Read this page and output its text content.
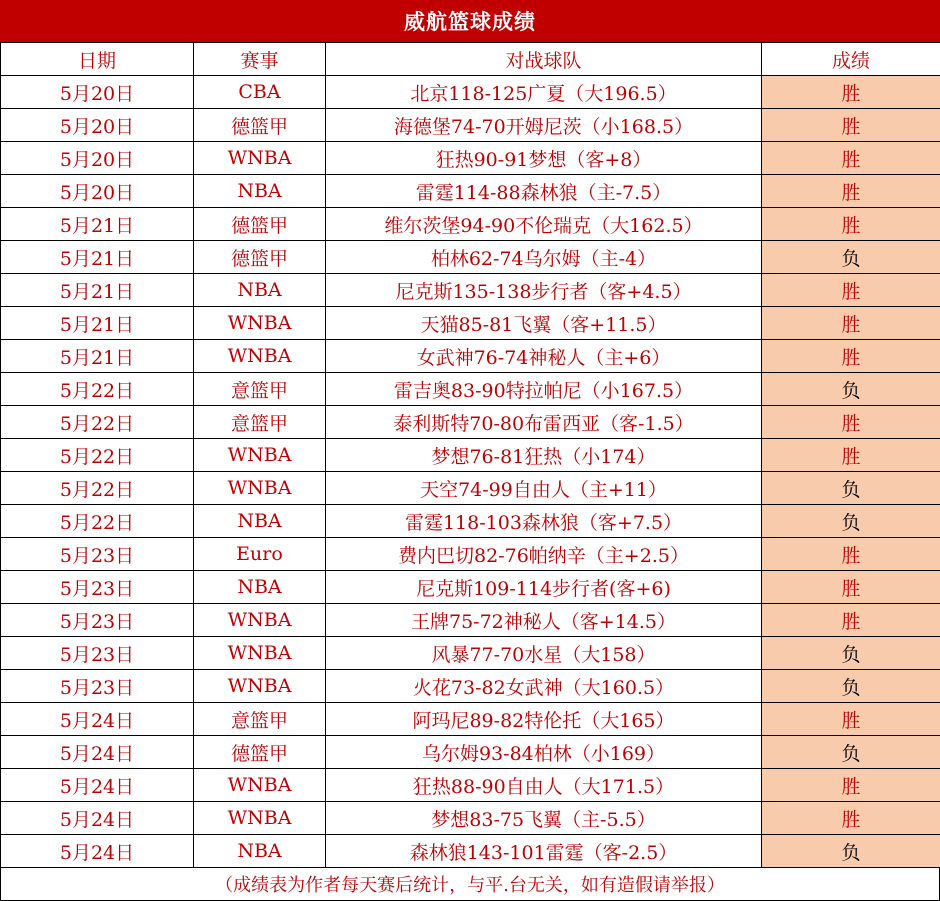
威航篮球成绩
日期	赛事	对战球队	成绩
5月20日	CBA	北京118-125广夏（大196.5）	胜
5月20日	德篮甲	海德堡74-70开姆尼茨（小168.5）	胜
5月20日	WNBA	狂热90-91梦想（客+8）	胜
5月20日	NBA	雷霆114-88森林狼（主-7.5）	胜
5月21日	德篮甲	维尔茨堡94-90不伦瑞克（大162.5）	胜
5月21日	德篮甲	柏林62-74乌尔姆（主-4）	负
5月21日	NBA	尼克斯135-138步行者（客+4.5）	胜
5月21日	WNBA	天猫85-81飞翼（客+11.5）	胜
5月21日	WNBA	女武神76-74神秘人（主+6）	胜
5月22日	意篮甲	雷吉奥83-90特拉帕尼（小167.5）	负
5月22日	意篮甲	泰利斯特70-80布雷西亚（客-1.5）	胜
5月22日	WNBA	梦想76-81狂热（小174）	胜
5月22日	WNBA	天空74-99自由人（主+11）	负
5月22日	NBA	雷霆118-103森林狼（客+7.5）	负
5月23日	Euro	费内巴切82-76帕纳辛（主+2.5）	胜
5月23日	NBA	尼克斯109-114步行者(客+6)	胜
5月23日	WNBA	王牌75-72神秘人（客+14.5）	胜
5月23日	WNBA	风暴77-70水星（大158）	负
5月23日	WNBA	火花73-82女武神（大160.5）	负
5月24日	意篮甲	阿玛尼89-82特伦托（大165）	胜
5月24日	德篮甲	乌尔姆93-84柏林（小169）	负
5月24日	WNBA	狂热88-90自由人（大171.5）	胜
5月24日	WNBA	梦想83-75飞翼（主-5.5）	胜
5月24日	NBA	森林狼143-101雷霆（客-2.5）	负
（成绩表为作者每天赛后统计，与平.台无关，如有造假请举报）
